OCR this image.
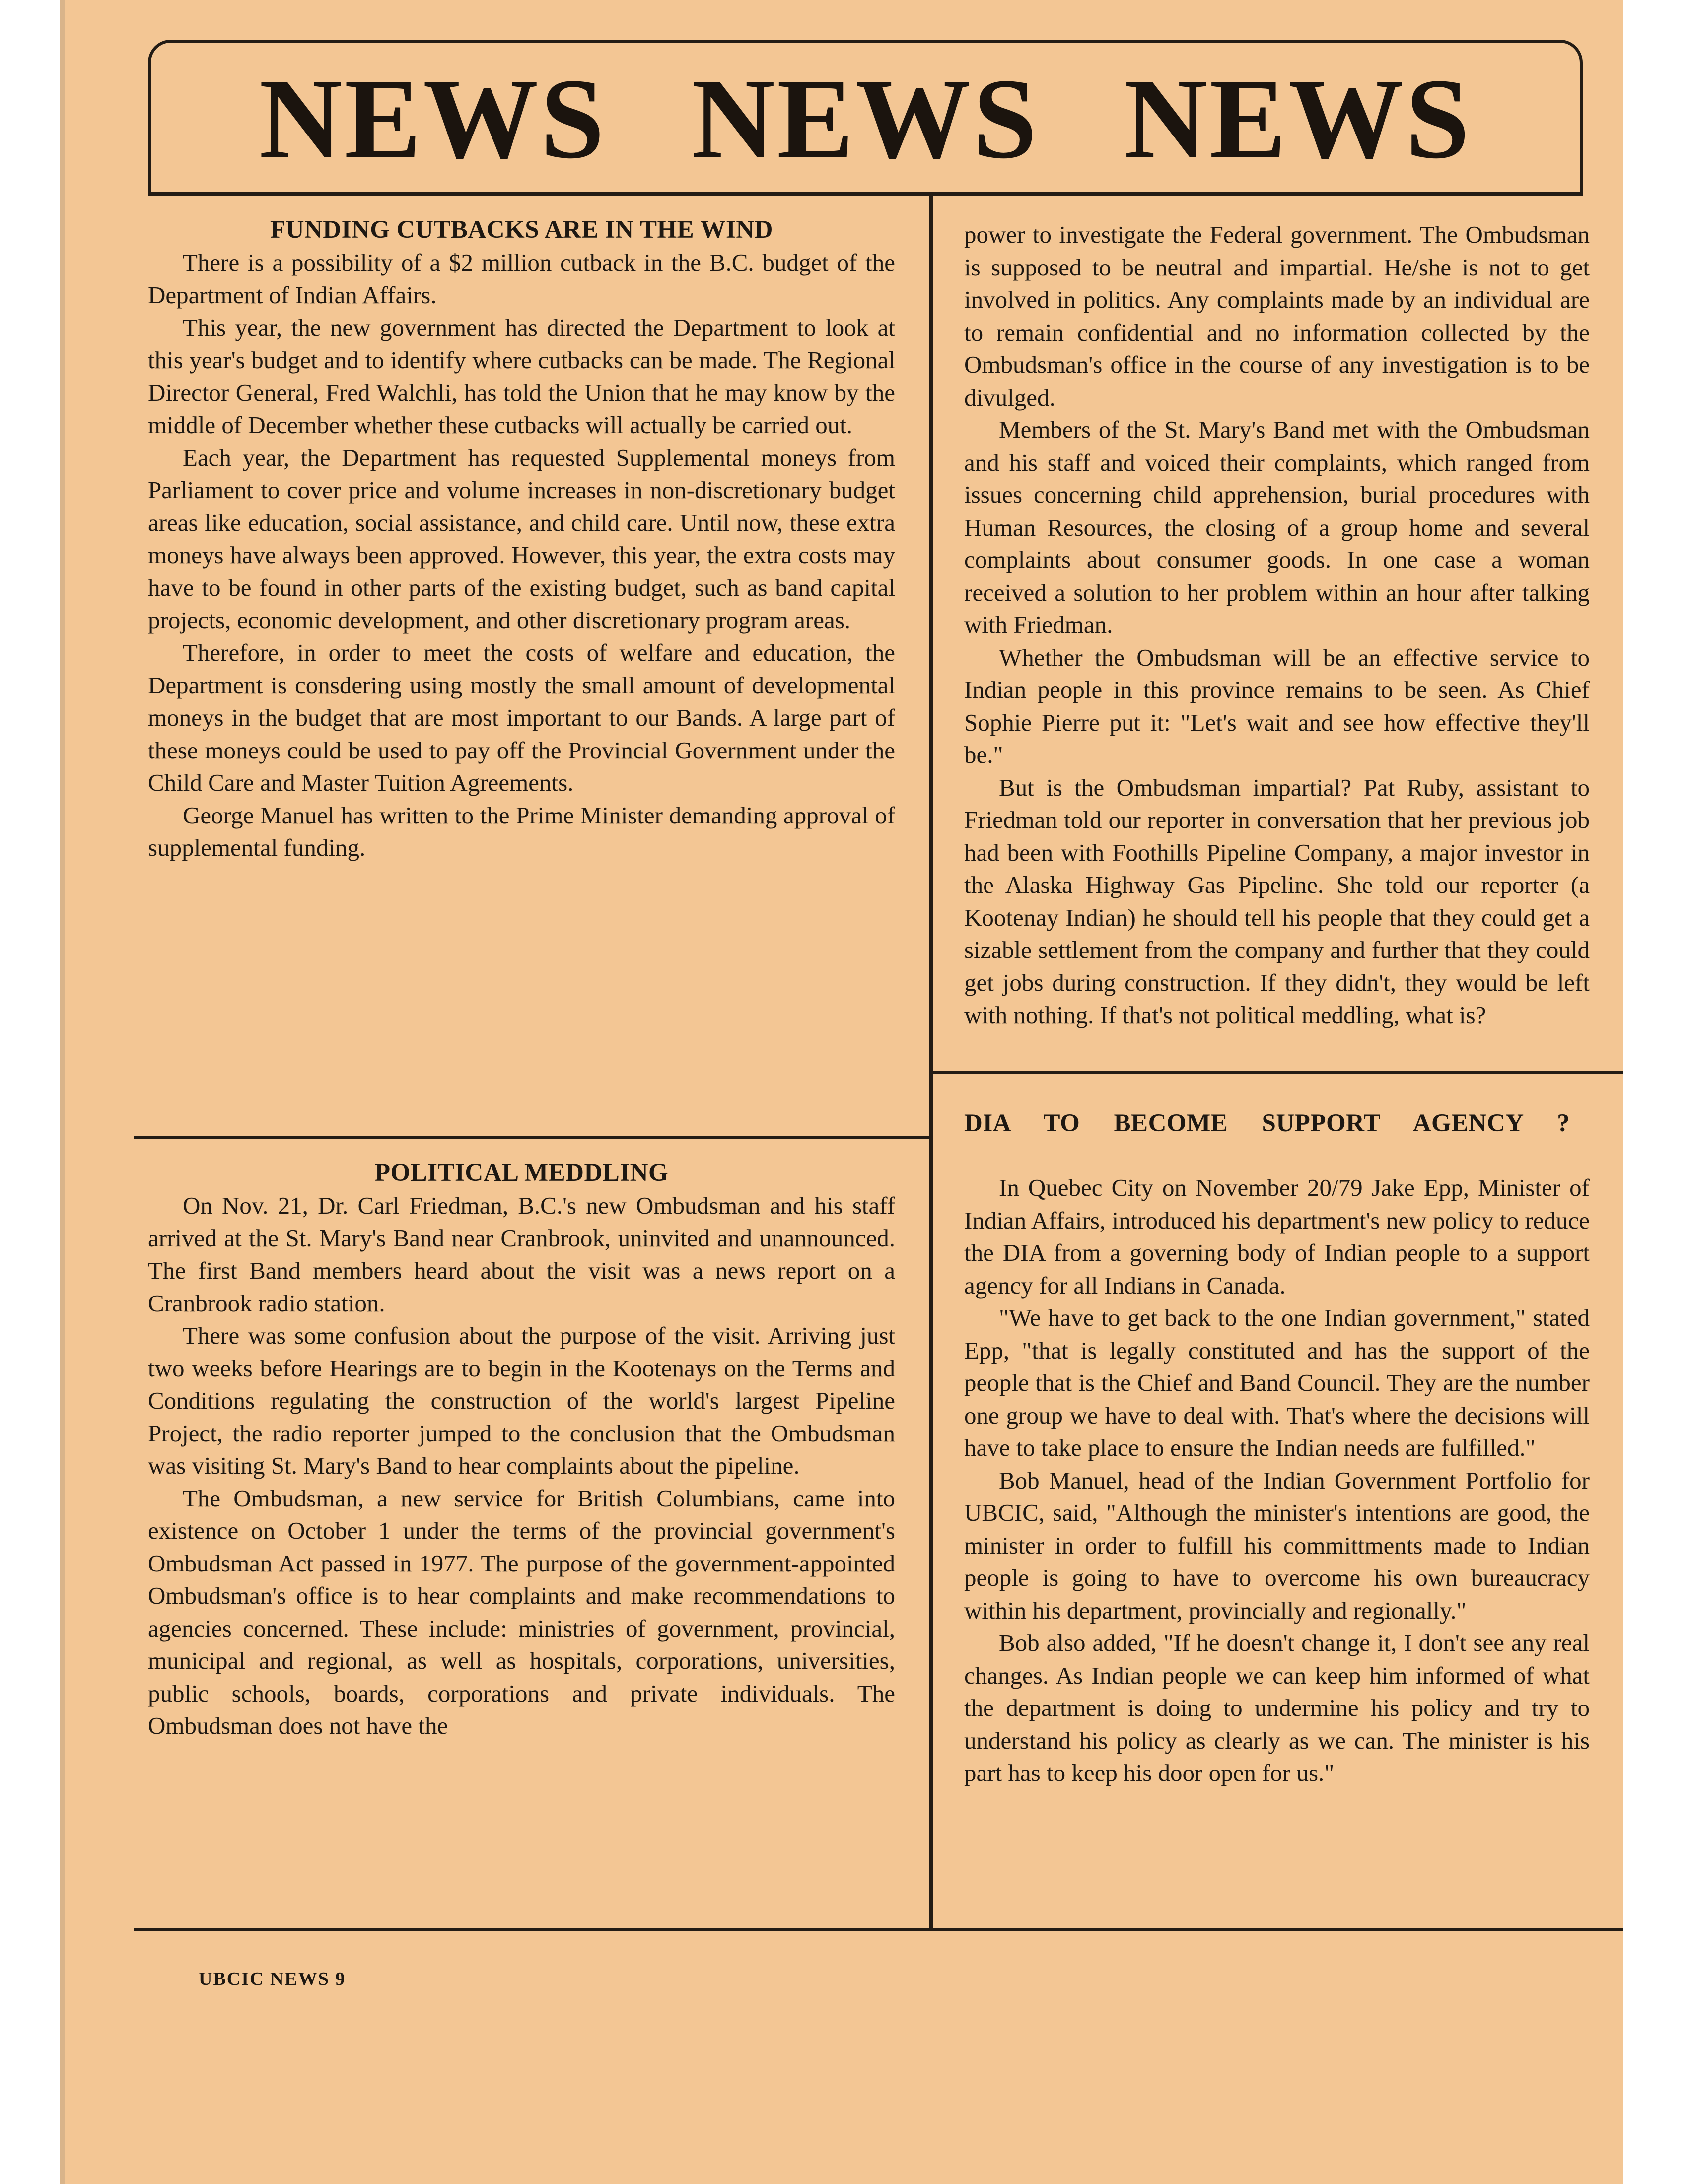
NEWS NEWS NEWS
FUNDING CUTBACKS ARE IN THE WIND

There is a possibility of a $2 million cutback in the B.C. budget of the Department of Indian Affairs.

This year, the new government has directed the Department to look at this year's budget and to identify where cutbacks can be made. The Regional Director General, Fred Walchli, has told the Union that he may know by the middle of December whether these cutbacks will actually be carried out.

Each year, the Department has requested Supplemental moneys from Parliament to cover price and volume increases in non-discretionary budget areas like education, social assistance, and child care. Until now, these extra moneys have always been approved. However, this year, the extra costs may have to be found in other parts of the existing budget, such as band capital projects, economic development, and other discretionary program areas.

Therefore, in order to meet the costs of welfare and education, the Department is consdering using mostly the small amount of developmental moneys in the budget that are most important to our Bands. A large part of these moneys could be used to pay off the Provincial Government under the Child Care and Master Tuition Agreements.

George Manuel has written to the Prime Minister demanding approval of supplemental funding.

POLITICAL MEDDLING

On Nov. 21, Dr. Carl Friedman, B.C.'s new Ombudsman and his staff arrived at the St. Mary's Band near Cranbrook, uninvited and unannounced. The first Band members heard about the visit was a news report on a Cranbrook radio station.

There was some confusion about the purpose of the visit. Arriving just two weeks before Hearings are to begin in the Kootenays on the Terms and Conditions regulating the construction of the world's largest Pipeline Project, the radio reporter jumped to the conclusion that the Ombudsman was visiting St. Mary's Band to hear complaints about the pipeline.

The Ombudsman, a new service for British Columbians, came into existence on October 1 under the terms of the provincial government's Ombudsman Act passed in 1977. The purpose of the government-appointed Ombudsman's office is to hear complaints and make recommendations to agencies concerned. These include: ministries of government, provincial, municipal and regional, as well as hospitals, corporations, universities, public schools, boards, corporations and private individuals. The Ombudsman does not have the

power to investigate the Federal government. The Ombudsman is supposed to be neutral and impartial. He/she is not to get involved in politics. Any complaints made by an individual are to remain confidential and no information collected by the Ombudsman's office in the course of any investigation is to be divulged.

Members of the St. Mary's Band met with the Ombudsman and his staff and voiced their complaints, which ranged from issues concerning child apprehension, burial procedures with Human Resources, the closing of a group home and several complaints about consumer goods. In one case a woman received a solution to her problem within an hour after talking with Friedman.

Whether the Ombudsman will be an effective service to Indian people in this province remains to be seen. As Chief Sophie Pierre put it: "Let's wait and see how effective they'll be."

But is the Ombudsman impartial? Pat Ruby, assistant to Friedman told our reporter in conversation that her previous job had been with Foothills Pipeline Company, a major investor in the Alaska Highway Gas Pipeline. She told our reporter (a Kootenay Indian) he should tell his people that they could get a sizable settlement from the company and further that they could get jobs during construction. If they didn't, they would be left with nothing. If that's not political meddling, what is?

DIA TO BECOME SUPPORT AGENCY ?

In Quebec City on November 20/79 Jake Epp, Minister of Indian Affairs, introduced his department's new policy to reduce the DIA from a governing body of Indian people to a support agency for all Indians in Canada.

"We have to get back to the one Indian government," stated Epp, "that is legally constituted and has the support of the people that is the Chief and Band Council. They are the number one group we have to deal with. That's where the decisions will have to take place to ensure the Indian needs are fulfilled."

Bob Manuel, head of the Indian Government Portfolio for UBCIC, said, "Although the minister's intentions are good, the minister in order to fulfill his committments made to Indian people is going to have to overcome his own bureaucracy within his department, provincially and regionally."

Bob also added, "If he doesn't change it, I don't see any real changes. As Indian people we can keep him informed of what the department is doing to undermine his policy and try to understand his policy as clearly as we can. The minister is his part has to keep his door open for us."

UBCIC NEWS 9
